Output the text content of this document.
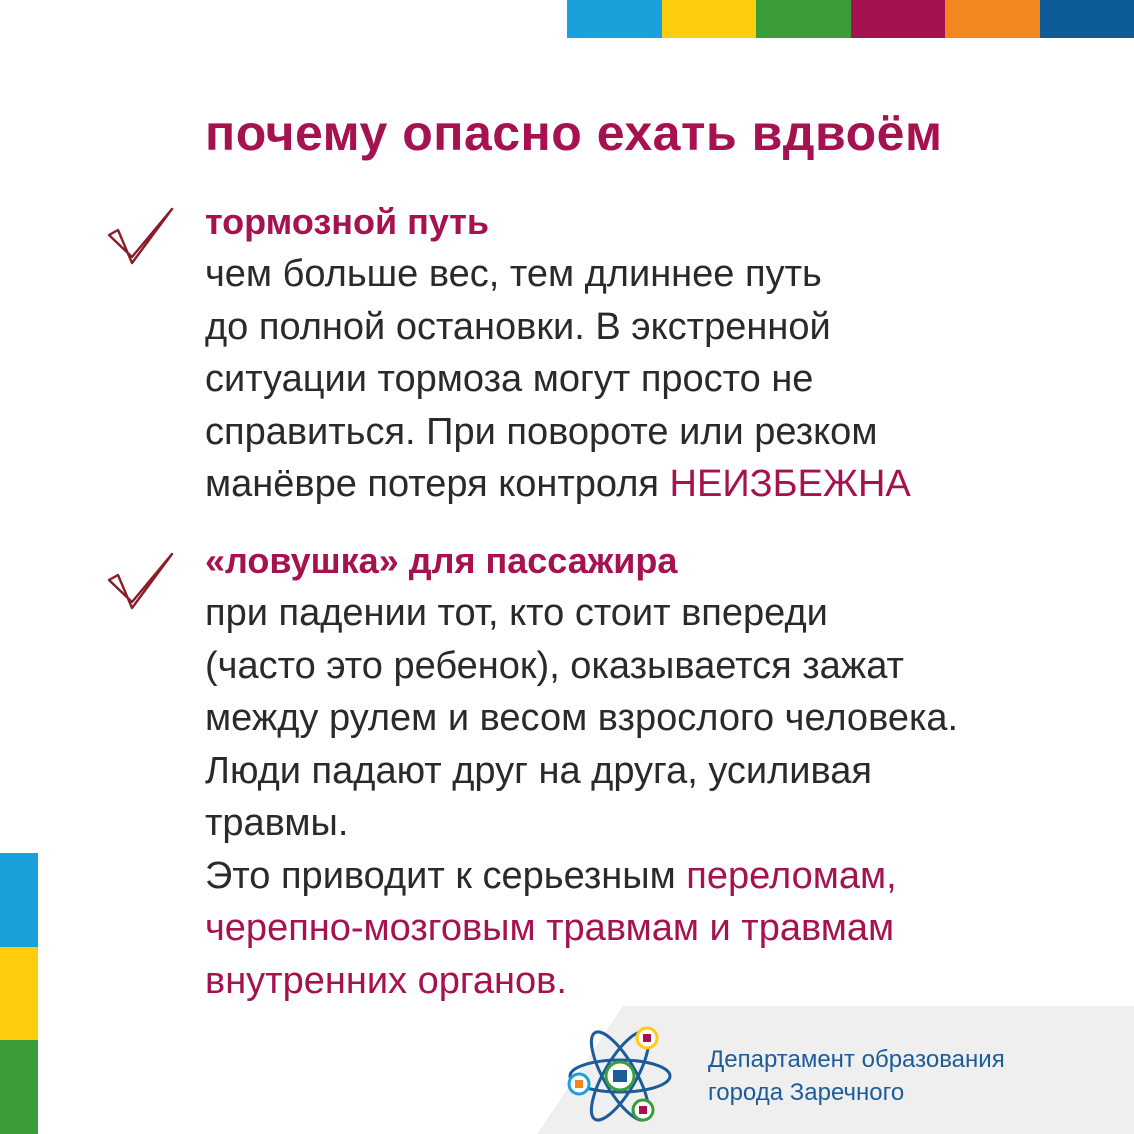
почему опасно ехать вдвоём
тормозной путь
чем больше вес, тем длиннее путь
до полной остановки. В экстренной
ситуации тормоза могут просто не
справиться. При повороте или резком
манёвре потеря контроля НЕИЗБЕЖНА
«ловушка» для пассажира
при падении тот, кто стоит впереди
(часто это ребенок), оказывается зажат
между рулем и весом взрослого человека.
Люди падают друг на друга, усиливая
травмы.
Это приводит к серьезным переломам,
черепно-мозговым травмам и травмам
внутренних органов.
Департамент образования
города Заречного
